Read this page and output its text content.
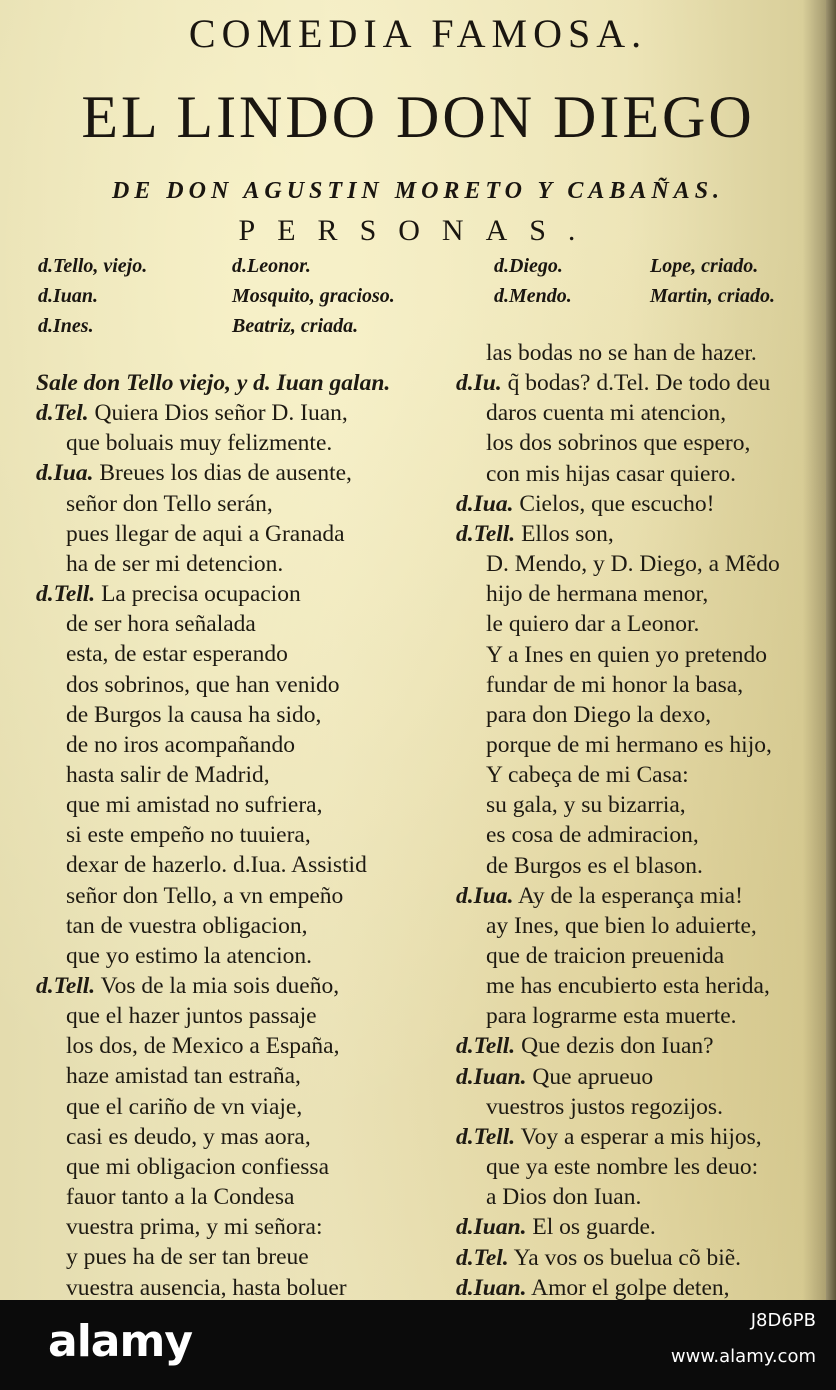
COMEDIA FAMOSA.
EL LINDO DON DIEGO
DE DON AGUSTIN MORETO Y CABAÑAS.
PERSONAS.
d.Tello, viejo.	d.Leonor.	d.Diego.	Lope, criado.
d.Iuan.	Mosquito, gracioso.	d.Mendo.	Martin, criado.
d.Ines.	Beatriz, criada.
Sale don Tello viejo, y d. Iuan galan.
d.Tel. Quiera Dios señor D. Iuan,
que boluais muy felizmente.
d.Iua. Breues los dias de ausente,
señor don Tello serán,
pues llegar de aqui a Granada
ha de ser mi detencion.
d.Tell. La precisa ocupacion
de ser hora señalada
esta, de estar esperando
dos sobrinos, que han venido
de Burgos la causa ha sido,
de no iros acompañando
hasta salir de Madrid,
que mi amistad no sufriera,
si este empeño no tuuiera,
dexar de hazerlo. d.Iua. Assistid
señor don Tello, a vn empeño
tan de vuestra obligacion,
que yo estimo la atencion.
d.Tell. Vos de la mia sois dueño,
que el hazer juntos passaje
los dos, de Mexico a España,
haze amistad tan estraña,
que el cariño de vn viaje,
casi es deudo, y mas aora,
que mi obligacion confiessa
fauor tanto a la Condesa
vuestra prima, y mi señora:
y pues ha de ser tan breue
vuestra ausencia, hasta boluer
las bodas no se han de hazer.
d.Iu. q̃ bodas? d.Tel. De todo deu
daros cuenta mi atencion,
los dos sobrinos que espero,
con mis hijas casar quiero.
d.Iua. Cielos, que escucho!
d.Tell. Ellos son,
D. Mendo, y D. Diego, a Mẽdo
hijo de hermana menor,
le quiero dar a Leonor.
Y a Ines en quien yo pretendo
fundar de mi honor la basa,
para don Diego la dexo,
porque de mi hermano es hijo,
Y cabeça de mi Casa:
su gala, y su bizarria,
es cosa de admiracion,
de Burgos es el blason.
d.Iua. Ay de la esperança mia!
ay Ines, que bien lo aduierte,
que de traicion preuenida
me has encubierto esta herida,
para lograrme esta muerte.
d.Tell. Que dezis don Iuan?
d.Iuan. Que aprueuo
vuestros justos regozijos.
d.Tell. Voy a esperar a mis hijos,
que ya este nombre les deuo:
a Dios don Iuan.
d.Iuan. El os guarde.
d.Tel. Ya vos os buelua cõ biẽ.
d.Iuan. Amor el golpe deten,
alamy	J8D6PB
www.alamy.com
